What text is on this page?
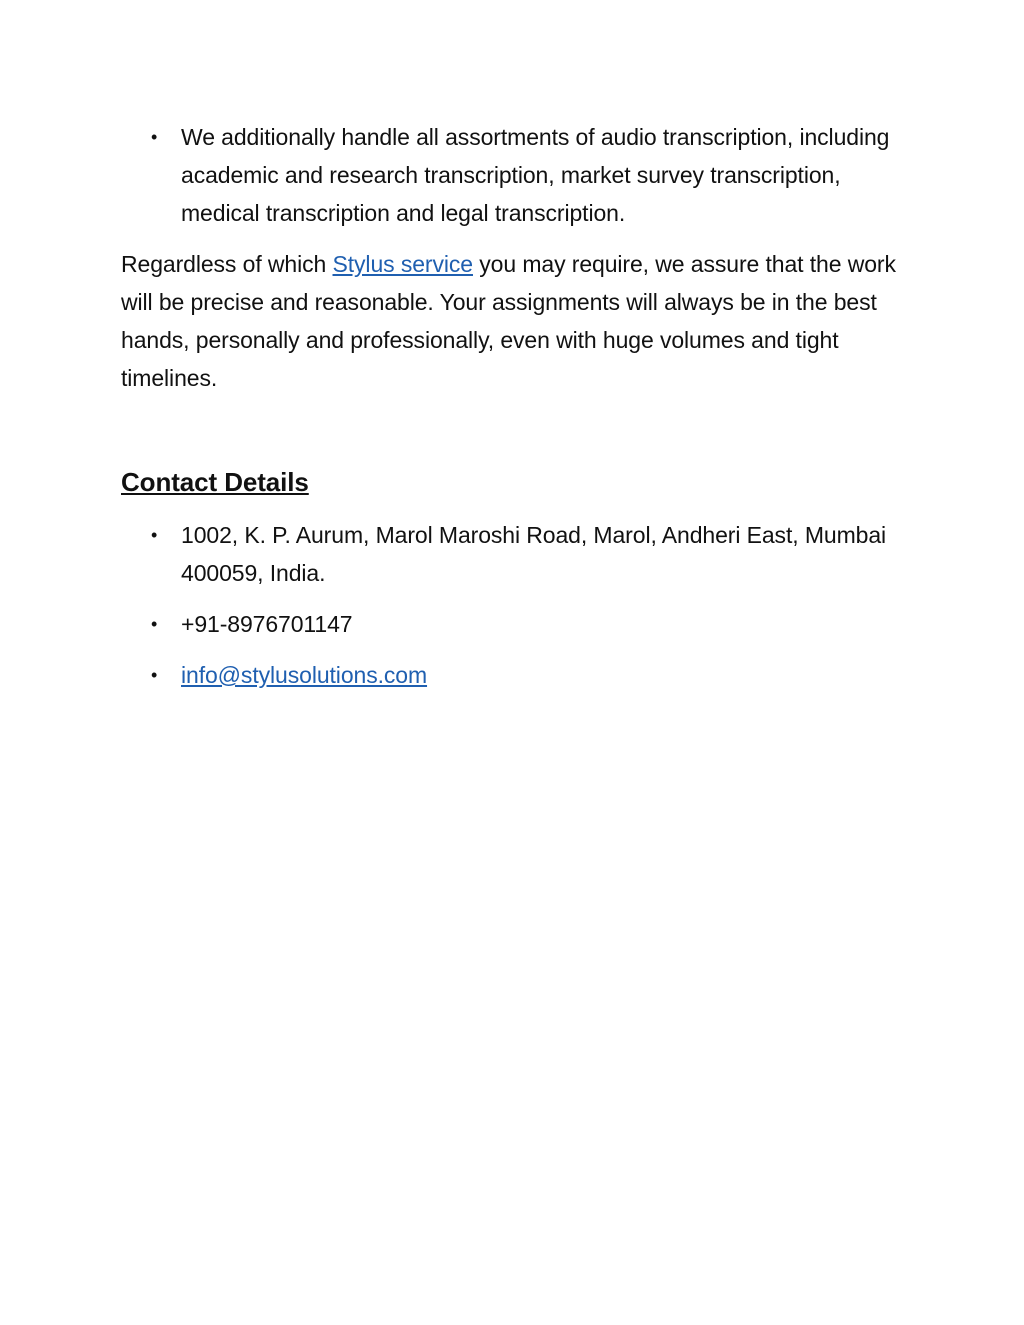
• We additionally handle all assortments of audio transcription, including academic and research transcription, market survey transcription, medical transcription and legal transcription.

Regardless of which Stylus service you may require, we assure that the work will be precise and reasonable. Your assignments will always be in the best hands, personally and professionally, even with huge volumes and tight timelines.

Contact Details
• 1002, K. P. Aurum, Marol Maroshi Road, Marol, Andheri East, Mumbai 400059, India.
• +91-8976701147
• info@stylusolutions.com
